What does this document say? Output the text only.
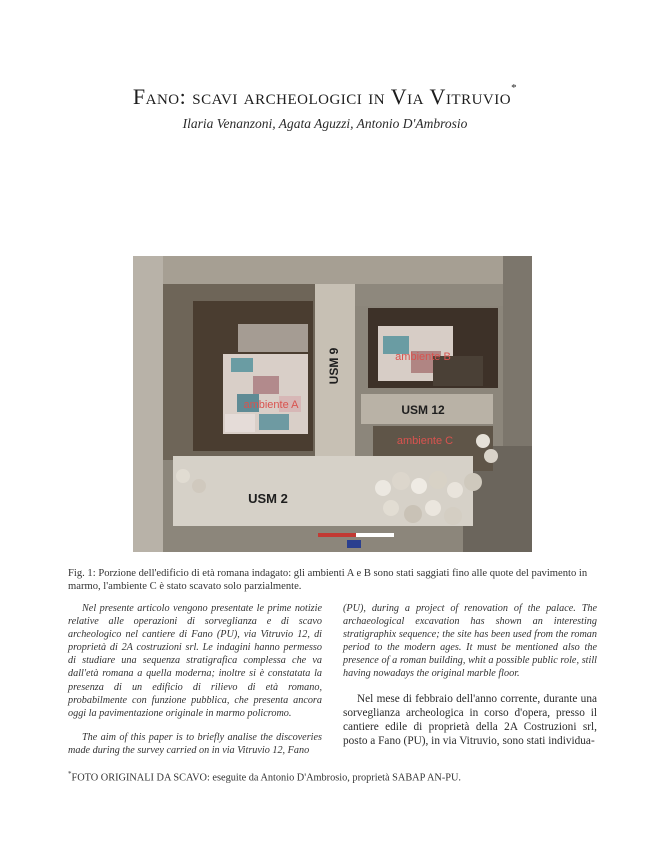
Fano: scavi archeologici in Via Vitruvio*
Ilaria Venanzoni, Agata Aguzzi, Antonio D'Ambrosio
USM 9
USM 12
USM 2
ambiente A
ambiente B
ambiente C
Fig. 1: Porzione dell'edificio di età romana indagato: gli ambienti A e B sono stati saggiati fino alle quote del pavimento in marmo, l'ambiente C è stato scavato solo parzialmente.

Nel presente articolo vengono presentate le prime notizie relative alle operazioni di sorveglianza e di scavo archeologico nel cantiere di Fano (PU), via Vitruvio 12, di proprietà di 2A costruzioni srl. Le indagini hanno permesso di studiare una sequenza stratigrafica complessa che va dall'età romana a quella moderna; inoltre si è constatata la presenza di un edificio di rilievo di età romano, probabilmente con funzione pubblica, che presenta ancora oggi la pavimentazione originale in marmo policromo.

The aim of this paper is to briefly analise the discoveries made during the survey carried on in via Vitruvio 12, Fano

(PU), during a project of renovation of the palace. The archaeological excavation has shown an interesting stratigraphix sequence; the site has been used from the roman period to the modern ages. It must be mentioned also the presence of a roman building, whit a possible public role, still having nowadays the original marble floor.

Nel mese di febbraio dell'anno corrente, durante una sorveglianza archeologica in corso d'opera, presso il cantiere edile di proprietà della 2A Costruzioni srl, posto a Fano (PU), in via Vitruvio, sono stati individua-

*FOTO ORIGINALI DA SCAVO: eseguite da Antonio D'Ambrosio, proprietà SABAP AN-PU.
